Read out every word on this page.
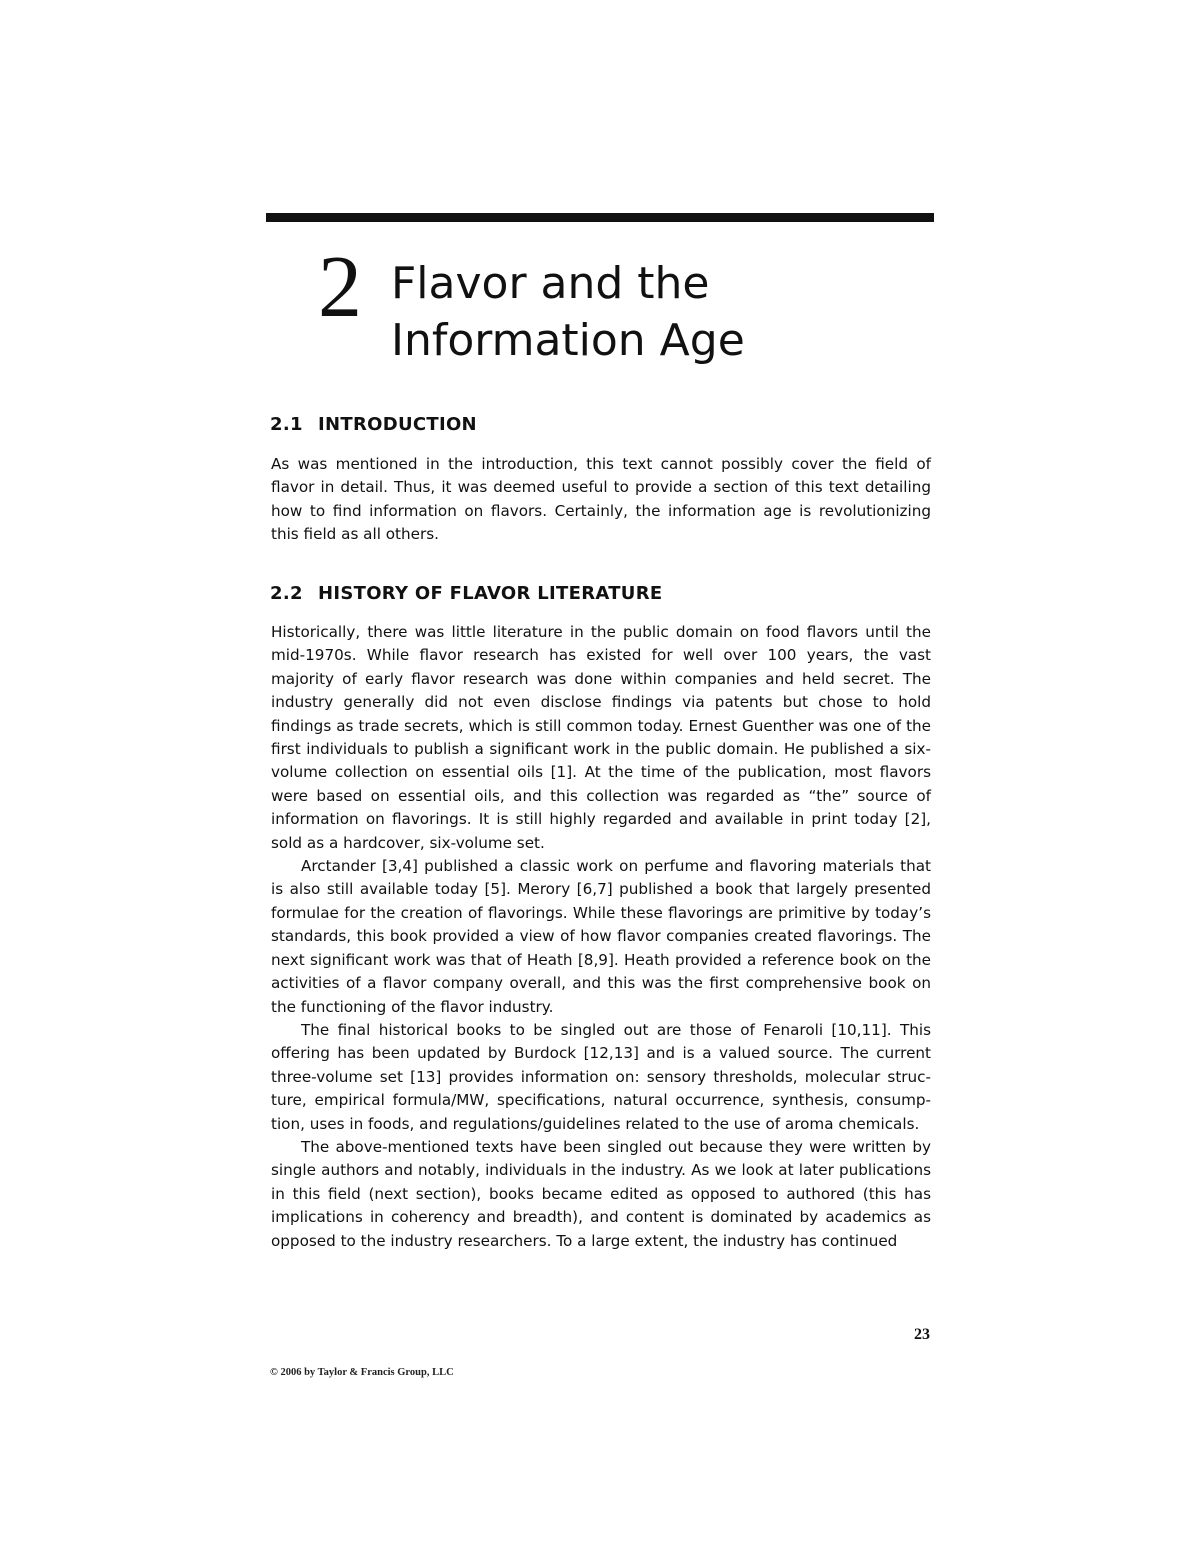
2 Flavor and the
Information Age
2.1 INTRODUCTION

As was mentioned in the introduction, this text cannot possibly cover the field of flavor in detail. Thus, it was deemed useful to provide a section of this text detailing how to find information on flavors. Certainly, the information age is revolutionizing this field as all others.

2.2 HISTORY OF FLAVOR LITERATURE

Historically, there was little literature in the public domain on food flavors until the mid-1970s. While flavor research has existed for well over 100 years, the vast majority of early flavor research was done within companies and held secret. The industry generally did not even disclose findings via patents but chose to hold findings as trade secrets, which is still common today. Ernest Guenther was one of the first individuals to publish a significant work in the public domain. He published a six-volume collection on essential oils [1]. At the time of the publication, most flavors were based on essential oils, and this collection was regarded as “the” source of information on flavorings. It is still highly regarded and available in print today [2], sold as a hardcover, six-volume set.

Arctander [3,4] published a classic work on perfume and flavoring materials that is also still available today [5]. Merory [6,7] published a book that largely presented formulae for the creation of flavorings. While these flavorings are primitive by today’s standards, this book provided a view of how flavor companies created flavorings. The next significant work was that of Heath [8,9]. Heath provided a reference book on the activities of a flavor company overall, and this was the first comprehensive book on the functioning of the flavor industry.

The final historical books to be singled out are those of Fenaroli [10,11]. This offering has been updated by Burdock [12,13] and is a valued source. The current three-volume set [13] provides information on: sensory thresholds, molecular structure, empirical formula/MW, specifications, natural occurrence, synthesis, consumption, uses in foods, and regulations/guidelines related to the use of aroma chemicals.

The above-mentioned texts have been singled out because they were written by single authors and notably, individuals in the industry. As we look at later publications in this field (next section), books became edited as opposed to authored (this has implications in coherency and breadth), and content is dominated by academics as opposed to the industry researchers. To a large extent, the industry has continued

23
© 2006 by Taylor & Francis Group, LLC
